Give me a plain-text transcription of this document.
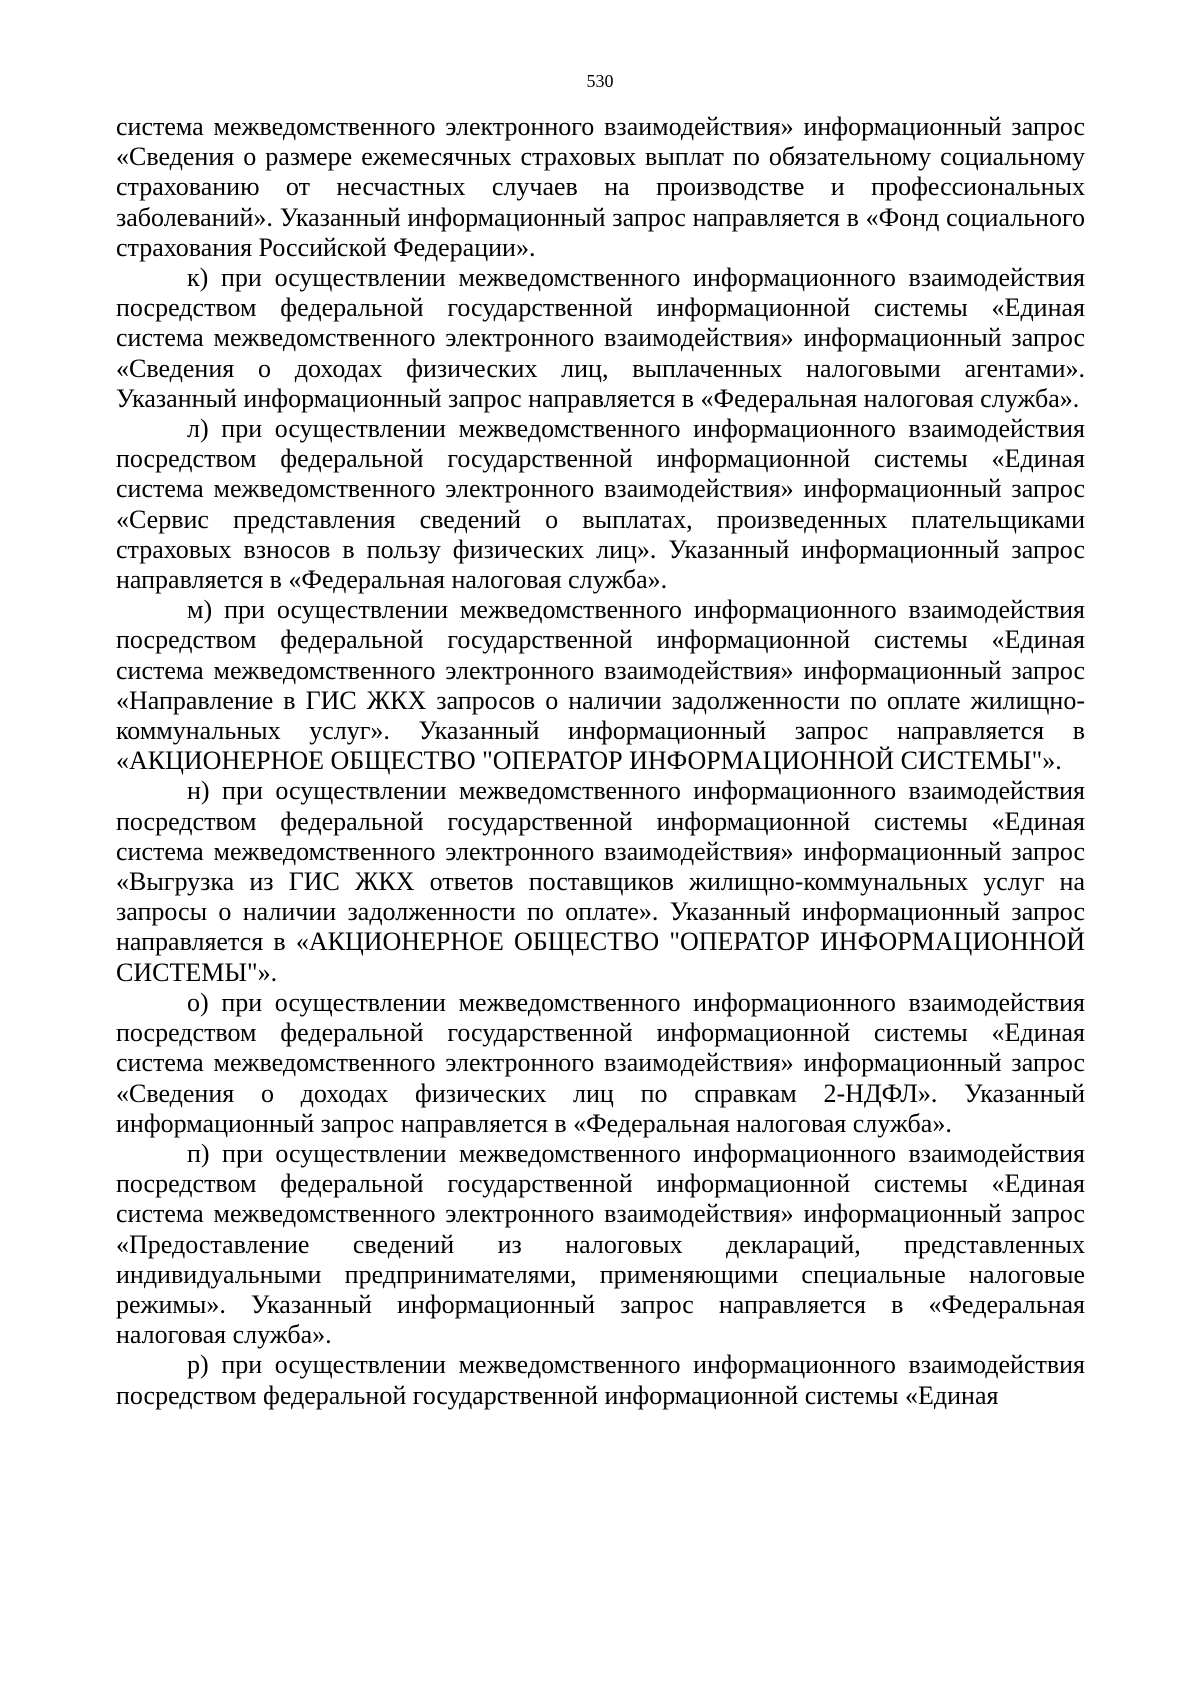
530

система межведомственного электронного взаимодействия» информационный запрос «Сведения о размере ежемесячных страховых выплат по обязательному социальному страхованию от несчастных случаев на производстве и профессиональных заболеваний». Указанный информационный запрос направляется в «Фонд социального страхования Российской Федерации».

к) при осуществлении межведомственного информационного взаимодействия посредством федеральной государственной информационной системы «Единая система межведомственного электронного взаимодействия» информационный запрос «Сведения о доходах физических лиц, выплаченных налоговыми агентами». Указанный информационный запрос направляется в «Федеральная налоговая служба».

л) при осуществлении межведомственного информационного взаимодействия посредством федеральной государственной информационной системы «Единая система межведомственного электронного взаимодействия» информационный запрос «Сервис представления сведений о выплатах, произведенных плательщиками страховых взносов в пользу физических лиц». Указанный информационный запрос направляется в «Федеральная налоговая служба».

м) при осуществлении межведомственного информационного взаимодействия посредством федеральной государственной информационной системы «Единая система межведомственного электронного взаимодействия» информационный запрос «Направление в ГИС ЖКХ запросов о наличии задолженности по оплате жилищно-коммунальных услуг». Указанный информационный запрос направляется в «АКЦИОНЕРНОЕ ОБЩЕСТВО "ОПЕРАТОР ИНФОРМАЦИОННОЙ СИСТЕМЫ"».

н) при осуществлении межведомственного информационного взаимодействия посредством федеральной государственной информационной системы «Единая система межведомственного электронного взаимодействия» информационный запрос «Выгрузка из ГИС ЖКХ ответов поставщиков жилищно-коммунальных услуг на запросы о наличии задолженности по оплате». Указанный информационный запрос направляется в «АКЦИОНЕРНОЕ ОБЩЕСТВО "ОПЕРАТОР ИНФОРМАЦИОННОЙ СИСТЕМЫ"».

о) при осуществлении межведомственного информационного взаимодействия посредством федеральной государственной информационной системы «Единая система межведомственного электронного взаимодействия» информационный запрос «Сведения о доходах физических лиц по справкам 2-НДФЛ». Указанный информационный запрос направляется в «Федеральная налоговая служба».

п) при осуществлении межведомственного информационного взаимодействия посредством федеральной государственной информационной системы «Единая система межведомственного электронного взаимодействия» информационный запрос «Предоставление сведений из налоговых деклараций, представленных индивидуальными предпринимателями, применяющими специальные налоговые режимы». Указанный информационный запрос направляется в «Федеральная налоговая служба».

р) при осуществлении межведомственного информационного взаимодействия посредством федеральной государственной информационной системы «Единая
